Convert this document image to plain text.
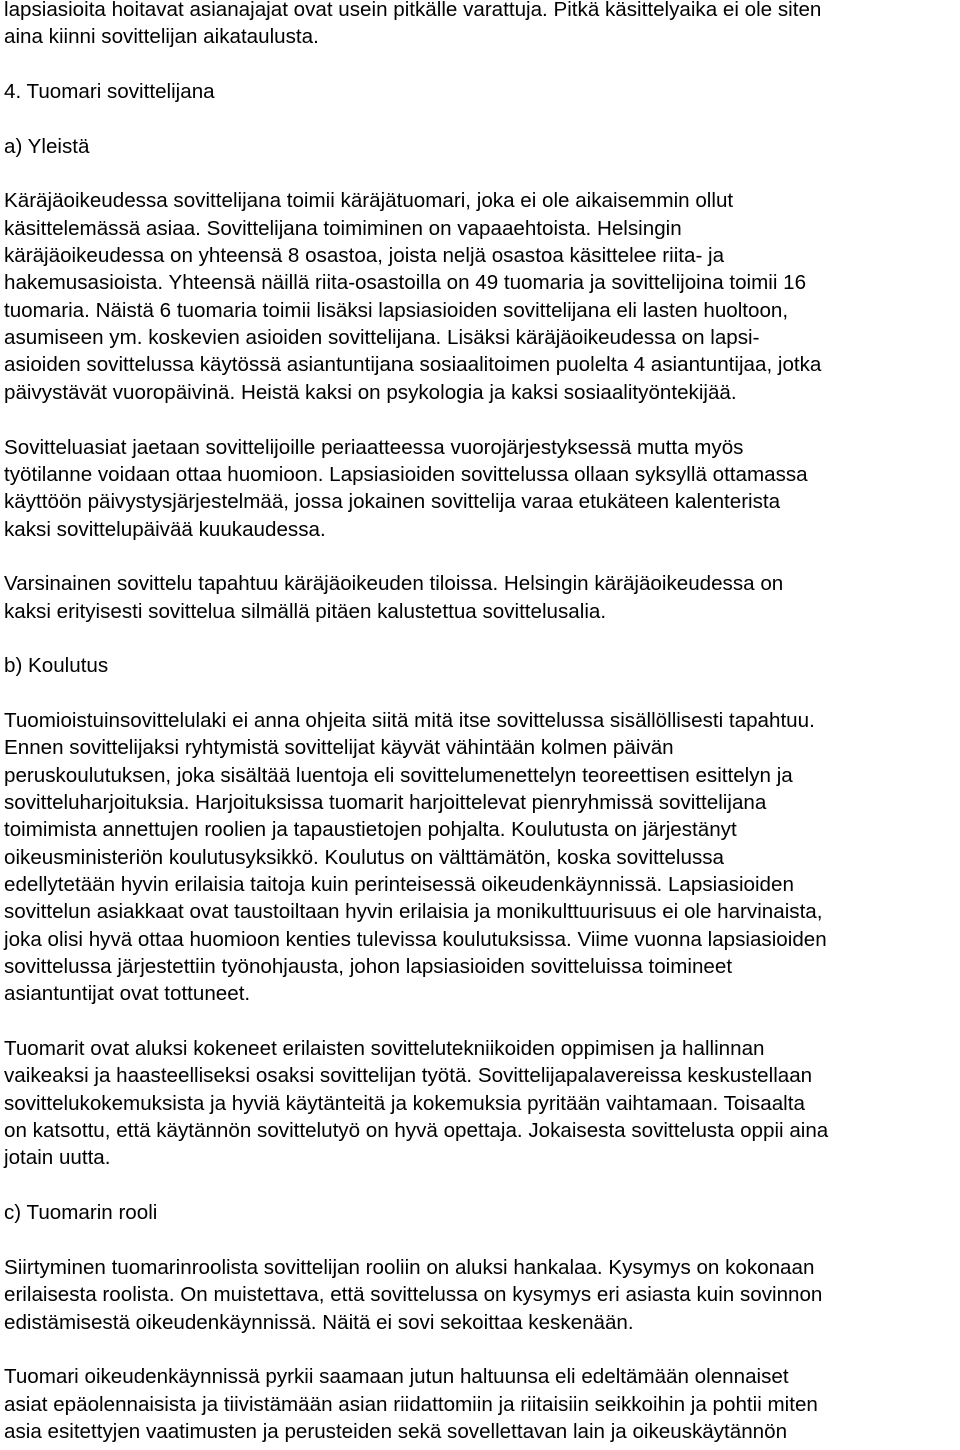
lapsiasioita hoitavat asianajajat ovat usein pitkälle varattuja. Pitkä käsittelyaika ei ole siten
aina kiinni sovittelijan aikataulusta.

4. Tuomari sovittelijana

a) Yleistä

Käräjäoikeudessa sovittelijana toimii käräjätuomari, joka ei ole aikaisemmin ollut
käsittelemässä asiaa. Sovittelijana toimiminen on vapaaehtoista. Helsingin
käräjäoikeudessa on yhteensä 8 osastoa, joista neljä osastoa käsittelee riita- ja
hakemusasioista. Yhteensä näillä riita-osastoilla on 49 tuomaria ja sovittelijoina toimii 16
tuomaria. Näistä 6 tuomaria toimii lisäksi lapsiasioiden sovittelijana eli lasten huoltoon,
asumiseen ym. koskevien asioiden sovittelijana. Lisäksi käräjäoikeudessa on lapsi-
asioiden sovittelussa käytössä asiantuntijana sosiaalitoimen puolelta 4 asiantuntijaa, jotka
päivystävät vuoropäivinä. Heistä kaksi on psykologia ja kaksi sosiaalityöntekijää.

Sovitteluasiat jaetaan sovittelijoille periaatteessa vuorojärjestyksessä mutta myös
työtilanne voidaan ottaa huomioon. Lapsiasioiden sovittelussa ollaan syksyllä ottamassa
käyttöön päivystysjärjestelmää, jossa jokainen sovittelija varaa etukäteen kalenterista
kaksi sovittelupäivää kuukaudessa.

Varsinainen sovittelu tapahtuu käräjäoikeuden tiloissa. Helsingin käräjäoikeudessa on
kaksi erityisesti sovittelua silmällä pitäen kalustettua sovittelusalia.

b) Koulutus

Tuomioistuinsovittelulaki ei anna ohjeita siitä mitä itse sovittelussa sisällöllisesti tapahtuu.
Ennen sovittelijaksi ryhtymistä sovittelijat käyvät vähintään kolmen päivän
peruskoulutuksen, joka sisältää luentoja eli sovittelumenettelyn teoreettisen esittelyn ja
sovitteluharjoituksia. Harjoituksissa tuomarit harjoittelevat pienryhmissä sovittelijana
toimimista annettujen roolien ja tapaustietojen pohjalta. Koulutusta on järjestänyt
oikeusministeriön koulutusyksikkö. Koulutus on välttämätön, koska sovittelussa
edellytetään hyvin erilaisia taitoja kuin perinteisessä oikeudenkäynnissä. Lapsiasioiden
sovittelun asiakkaat ovat taustoiltaan hyvin erilaisia ja monikulttuurisuus ei ole harvinaista,
joka olisi hyvä ottaa huomioon kenties tulevissa koulutuksissa. Viime vuonna lapsiasioiden
sovittelussa järjestettiin työnohjausta, johon lapsiasioiden sovitteluissa toimineet
asiantuntijat ovat tottuneet.

Tuomarit ovat aluksi kokeneet erilaisten sovittelutekniikoiden oppimisen ja hallinnan
vaikeaksi ja haasteelliseksi osaksi sovittelijan työtä. Sovittelijapalavereissa keskustellaan
sovittelukokemuksista ja hyviä käytänteitä ja kokemuksia pyritään vaihtamaan. Toisaalta
on katsottu, että käytännön sovittelutyö on hyvä opettaja. Jokaisesta sovittelusta oppii aina
jotain uutta.

c) Tuomarin rooli

Siirtyminen tuomarinroolista sovittelijan rooliin on aluksi hankalaa. Kysymys on kokonaan
erilaisesta roolista. On muistettava, että sovittelussa on kysymys eri asiasta kuin sovinnon
edistämisestä oikeudenkäynnissä. Näitä ei sovi sekoittaa keskenään.

Tuomari oikeudenkäynnissä pyrkii saamaan jutun haltuunsa eli edeltämään olennaiset
asiat epäolennaisista ja tiivistämään asian riidattomiin ja riitaisiin seikkoihin ja pohtii miten
asia esitettyjen vaatimusten ja perusteiden sekä sovellettavan lain ja oikeuskäytännön
